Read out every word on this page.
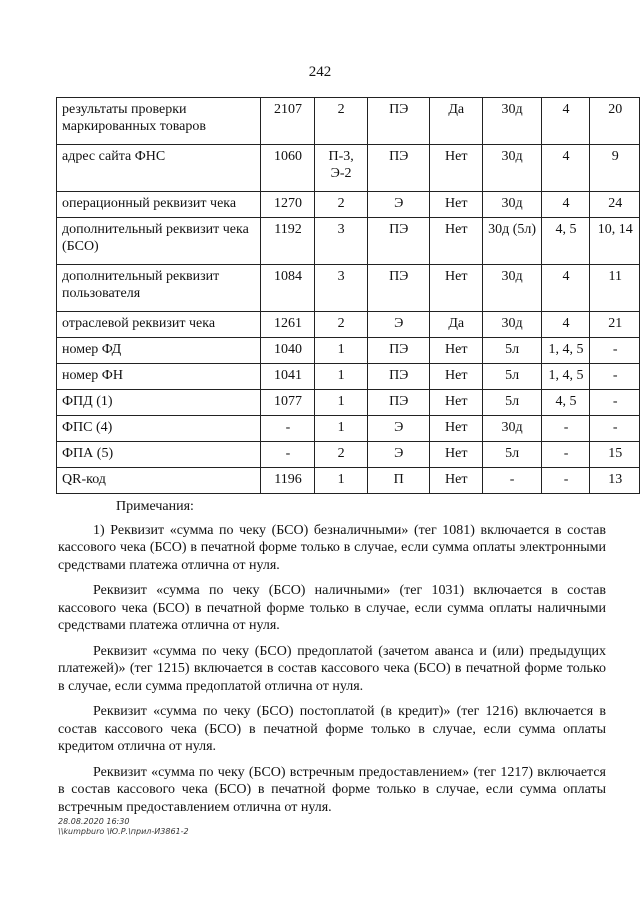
242
результаты проверки маркированных товаров	2107	2	ПЭ	Да	30д	4	20
адрес сайта ФНС	1060	П-3, Э-2	ПЭ	Нет	30д	4	9
операционный реквизит чека	1270	2	Э	Нет	30д	4	24
дополнительный реквизит чека (БСО)	1192	3	ПЭ	Нет	30д (5л)	4, 5	10, 14
дополнительный реквизит пользователя	1084	3	ПЭ	Нет	30д	4	11
отраслевой реквизит чека	1261	2	Э	Да	30д	4	21
номер ФД	1040	1	ПЭ	Нет	5л	1, 4, 5	-
номер ФН	1041	1	ПЭ	Нет	5л	1, 4, 5	-
ФПД (1)	1077	1	ПЭ	Нет	5л	4, 5	-
ФПС (4)	-	1	Э	Нет	30д	-	-
ФПА (5)	-	2	Э	Нет	5л	-	15
QR-код	1196	1	П	Нет	-	-	13
Примечания:

1) Реквизит «сумма по чеку (БСО) безналичными» (тег 1081) включается в состав кассового чека (БСО) в печатной форме только в случае, если сумма оплаты электронными средствами платежа отлична от нуля.

Реквизит «сумма по чеку (БСО) наличными» (тег 1031) включается в состав кассового чека (БСО) в печатной форме только в случае, если сумма оплаты наличными средствами платежа отлична от нуля.

Реквизит «сумма по чеку (БСО) предоплатой (зачетом аванса и (или) предыдущих платежей)» (тег 1215) включается в состав кассового чека (БСО) в печатной форме только в случае, если сумма предоплатой отлична от нуля.

Реквизит «сумма по чеку (БСО) постоплатой (в кредит)» (тег 1216) включается в состав кассового чека (БСО) в печатной форме только в случае, если сумма оплаты кредитом отлична от нуля.

Реквизит «сумма по чеку (БСО) встречным предоставлением» (тег 1217) включается в состав кассового чека (БСО) в печатной форме только в случае, если сумма оплаты встречным предоставлением отлична от нуля.

28.08.2020 16:30
\\kumpburo \Ю.Р.\прил-И3861-2
